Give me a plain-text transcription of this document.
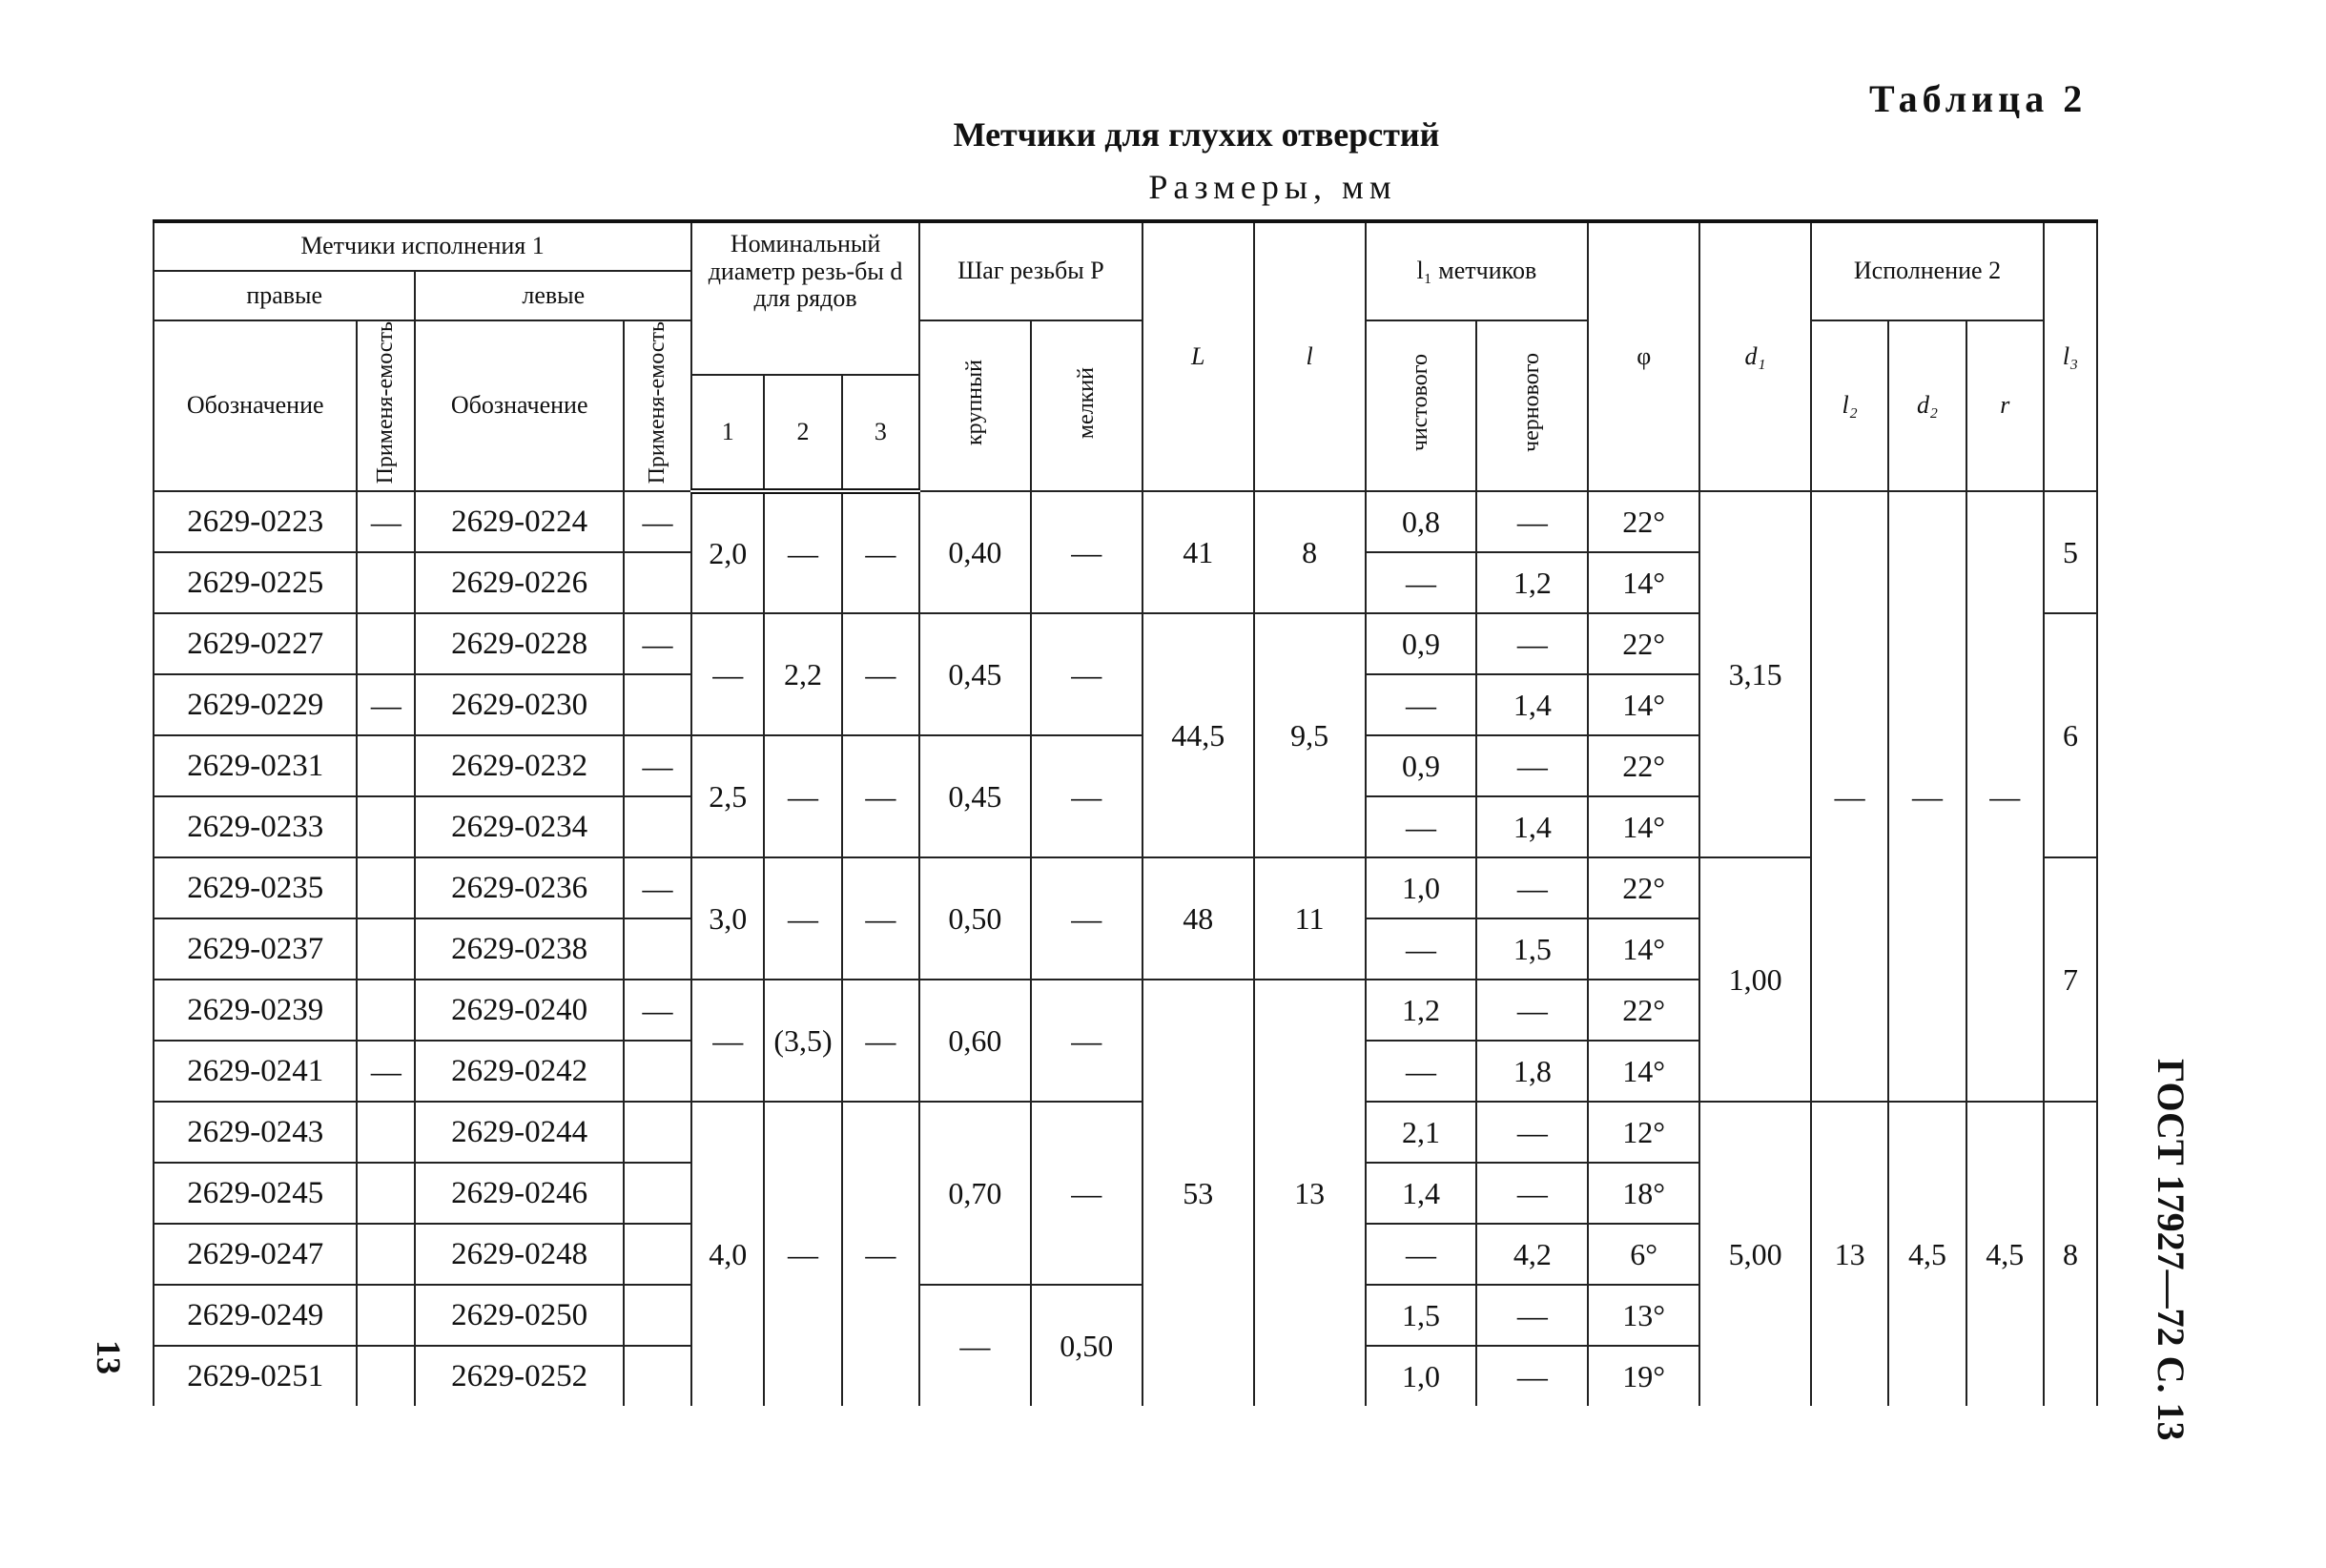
Таблица 2
Метчики для глухих отверстий
Размеры, мм
ГОСТ 17927—72 С. 13
13
Метчики исполнения 1				Номинальный диаметр резь-бы d для рядов			Шаг резьбы P		L	l	l₁ метчиков		φ	d₁	Исполнение 2			l₃
правые		левые																
Обозначение	Применя-емость	Обозначение	Применя-емость				крупный	мелкий			чистового	чернового			l₂	d₂	r	
				1	2	3												
2629-0223	—	2629-0224	—	2,0	—	—	0,40	—	41	8	0,8	—	22°	3,15	—	—	—	5
2629-0225		2629-0226									—	1,2	14°					
2629-0227		2629-0228	—	—	2,2	—	0,45	—	44,5	9,5	0,9	—	22°					6
2629-0229	—	2629-0230									—	1,4	14°					
2629-0231		2629-0232	—	2,5	—	—	0,45	—			0,9	—	22°					
2629-0233		2629-0234									—	1,4	14°					
2629-0235		2629-0236	—	3,0	—	—	0,50	—	48	11	1,0	—	22°	1,00				7
2629-0237		2629-0238									—	1,5	14°					
2629-0239		2629-0240	—	—	(3,5)	—	0,60	—	53	13	1,2	—	22°					
2629-0241	—	2629-0242									—	1,8	14°					
2629-0243		2629-0244		4,0	—	—	0,70	—			2,1	—	12°	5,00	13	4,5	4,5	8
2629-0245		2629-0246									1,4	—	18°					
2629-0247		2629-0248									—	4,2	6°					
2629-0249		2629-0250					—	0,50			1,5	—	13°					
2629-0251		2629-0252									1,0	—	19°					
